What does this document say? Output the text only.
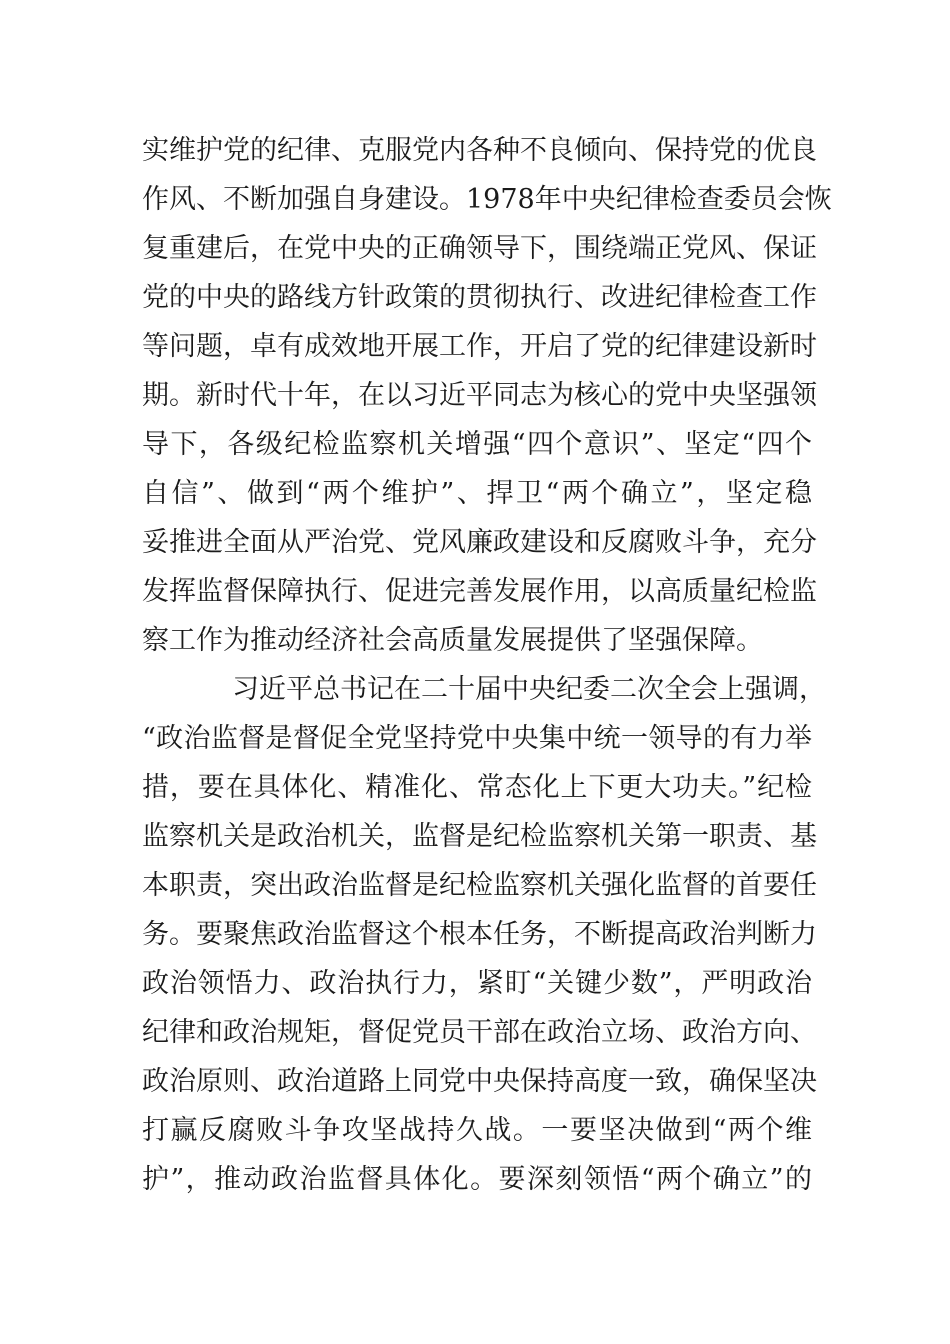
实维护党的纪律、克服党内各种不良倾向、保持党的优良
作风、不断加强自身建设。1978年中央纪律检查委员会恢
复重建后，在党中央的正确领导下，围绕端正党风、保证
党的中央的路线方针政策的贯彻执行、改进纪律检查工作
等问题，卓有成效地开展工作，开启了党的纪律建设新时
期。新时代十年，在以习近平同志为核心的党中央坚强领
导下，各级纪检监察机关增强“四个意识”、坚定“四个
自信”、做到“两个维护”、捍卫“两个确立”，坚定稳
妥推进全面从严治党、党风廉政建设和反腐败斗争，充分
发挥监督保障执行、促进完善发展作用，以高质量纪检监
察工作为推动经济社会高质量发展提供了坚强保障。
习近平总书记在二十届中央纪委二次全会上强调，
“政治监督是督促全党坚持党中央集中统一领导的有力举
措，要在具体化、精准化、常态化上下更大功夫。”纪检
监察机关是政治机关，监督是纪检监察机关第一职责、基
本职责，突出政治监督是纪检监察机关强化监督的首要任
务。要聚焦政治监督这个根本任务，不断提高政治判断力
政治领悟力、政治执行力，紧盯“关键少数”，严明政治
纪律和政治规矩，督促党员干部在政治立场、政治方向、
政治原则、政治道路上同党中央保持高度一致，确保坚决
打赢反腐败斗争攻坚战持久战。一要坚决做到“两个维
护”，推动政治监督具体化。要深刻领悟“两个确立”的
